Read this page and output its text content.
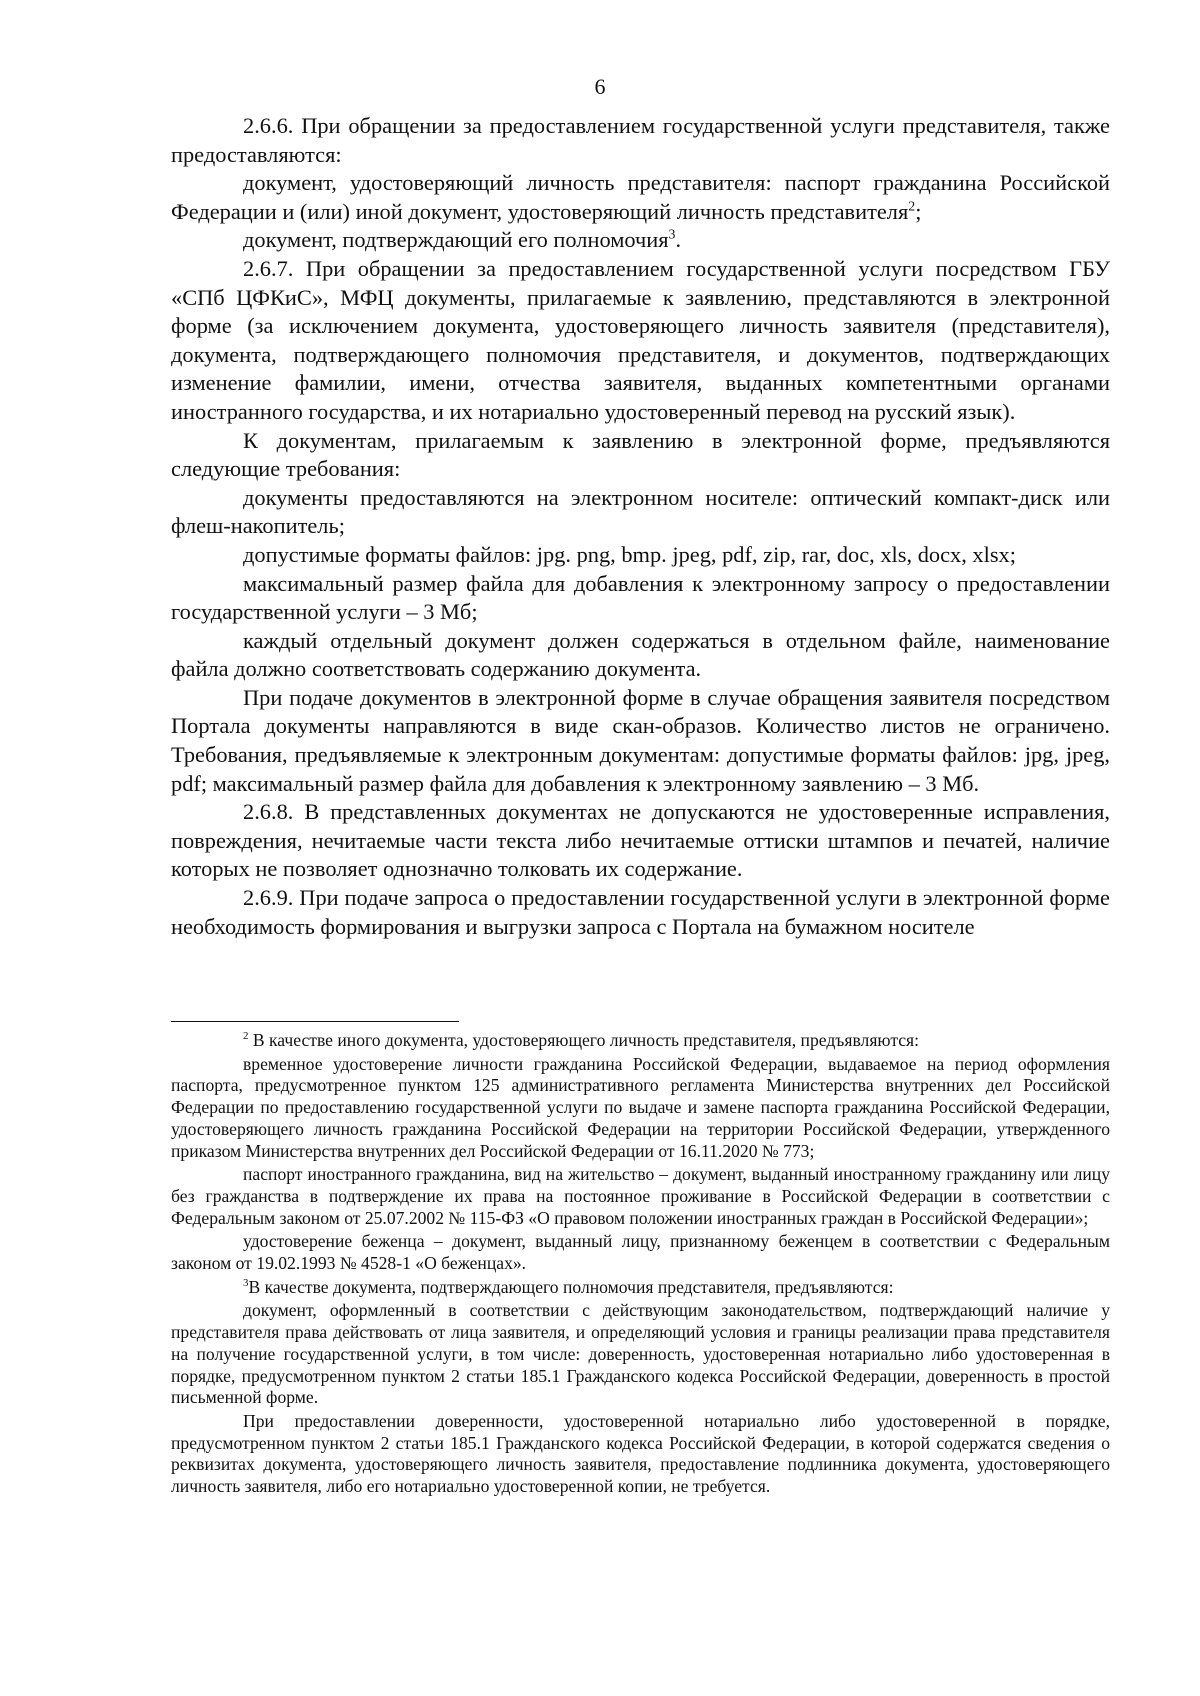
6

2.6.6. При обращении за предоставлением государственной услуги представителя, также предоставляются:

документ, удостоверяющий личность представителя: паспорт гражданина Российской Федерации и (или) иной документ, удостоверяющий личность представителя$^2$;

документ, подтверждающий его полномочия$^3$.

2.6.7. При обращении за предоставлением государственной услуги посредством ГБУ «СПб ЦФКиС», МФЦ документы, прилагаемые к заявлению, представляются в электронной форме (за исключением документа, удостоверяющего личность заявителя (представителя), документа, подтверждающего полномочия представителя, и документов, подтверждающих изменение фамилии, имени, отчества заявителя, выданных компетентными органами иностранного государства, и их нотариально удостоверенный перевод на русский язык).

К документам, прилагаемым к заявлению в электронной форме, предъявляются следующие требования:

документы предоставляются на электронном носителе: оптический компакт-диск или флеш-накопитель;

допустимые форматы файлов: jpg. png, bmp. jpeg, pdf, zip, rar, doc, xls, docx, xlsx;

максимальный размер файла для добавления к электронному запросу о предоставлении государственной услуги – 3 Мб;

каждый отдельный документ должен содержаться в отдельном файле, наименование файла должно соответствовать содержанию документа.

При подаче документов в электронной форме в случае обращения заявителя посредством Портала документы направляются в виде скан-образов. Количество листов не ограничено. Требования, предъявляемые к электронным документам: допустимые форматы файлов: jpg, jpeg, pdf; максимальный размер файла для добавления к электронному заявлению – 3 Мб.

2.6.8. В представленных документах не допускаются не удостоверенные исправления, повреждения, нечитаемые части текста либо нечитаемые оттиски штампов и печатей, наличие которых не позволяет однозначно толковать их содержание.

2.6.9. При подаче запроса о предоставлении государственной услуги в электронной форме необходимость формирования и выгрузки запроса с Портала на бумажном носителе

$^2$ В качестве иного документа, удостоверяющего личность представителя, предъявляются:

временное удостоверение личности гражданина Российской Федерации, выдаваемое на период оформления паспорта, предусмотренное пунктом 125 административного регламента Министерства внутренних дел Российской Федерации по предоставлению государственной услуги по выдаче и замене паспорта гражданина Российской Федерации, удостоверяющего личность гражданина Российской Федерации на территории Российской Федерации, утвержденного приказом Министерства внутренних дел Российской Федерации от 16.11.2020 № 773;

паспорт иностранного гражданина, вид на жительство – документ, выданный иностранному гражданину или лицу без гражданства в подтверждение их права на постоянное проживание в Российской Федерации в соответствии с Федеральным законом от 25.07.2002 № 115-ФЗ «О правовом положении иностранных граждан в Российской Федерации»;

удостоверение беженца – документ, выданный лицу, признанному беженцем в соответствии с Федеральным законом от 19.02.1993 № 4528-1 «О беженцах».

$^3$В качестве документа, подтверждающего полномочия представителя, предъявляются:

документ, оформленный в соответствии с действующим законодательством, подтверждающий наличие у представителя права действовать от лица заявителя, и определяющий условия и границы реализации права представителя на получение государственной услуги, в том числе: доверенность, удостоверенная нотариально либо удостоверенная в порядке, предусмотренном пунктом 2 статьи 185.1 Гражданского кодекса Российской Федерации, доверенность в простой письменной форме.

При предоставлении доверенности, удостоверенной нотариально либо удостоверенной в порядке, предусмотренном пунктом 2 статьи 185.1 Гражданского кодекса Российской Федерации, в которой содержатся сведения о реквизитах документа, удостоверяющего личность заявителя, предоставление подлинника документа, удостоверяющего личность заявителя, либо его нотариально удостоверенной копии, не требуется.
